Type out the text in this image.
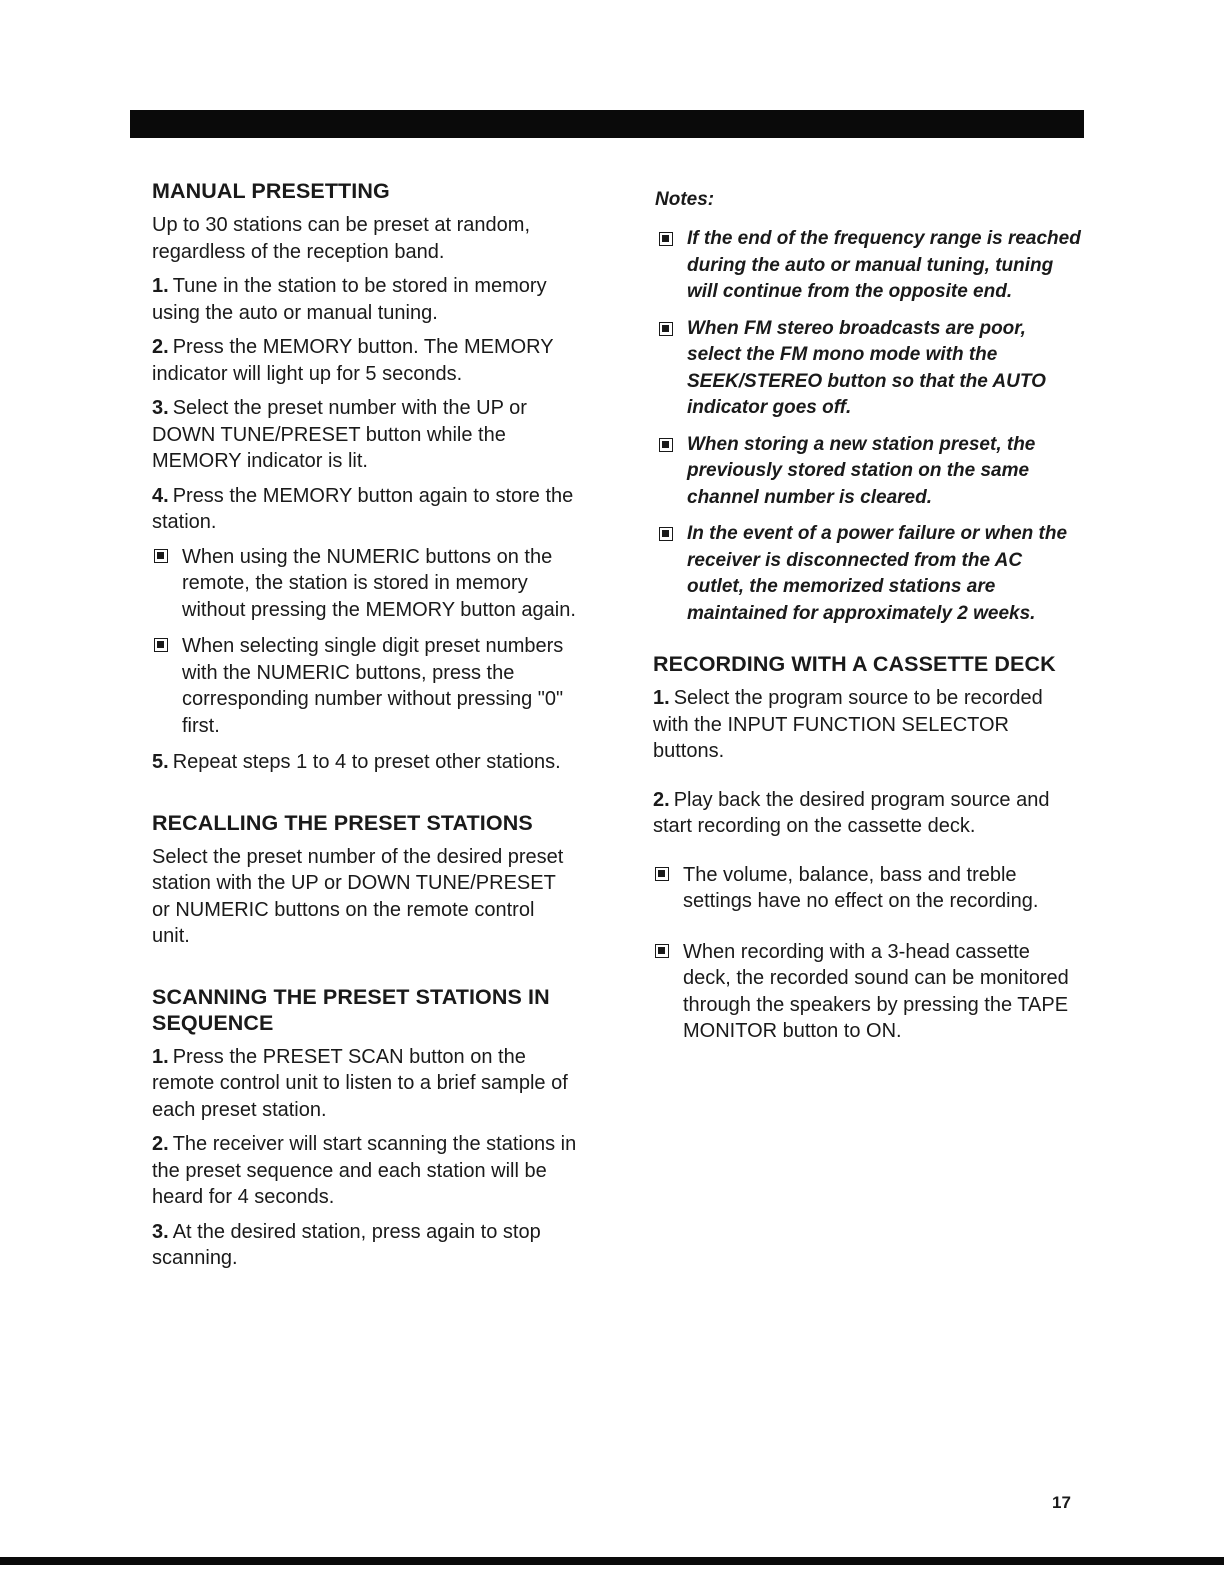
MANUAL PRESETTING

Up to 30 stations can be preset at random, regardless of the reception band.

1. Tune in the station to be stored in memory using the auto or manual tuning.

2. Press the MEMORY button. The MEMORY indicator will light up for 5 seconds.

3. Select the preset number with the UP or DOWN TUNE/PRESET button while the MEMORY indicator is lit.

4. Press the MEMORY button again to store the station.

When using the NUMERIC buttons on the remote, the station is stored in memory without pressing the MEMORY button again.
When selecting single digit preset numbers with the NUMERIC buttons, press the corresponding number without pressing "0" first.

5. Repeat steps 1 to 4 to preset other stations.

RECALLING THE PRESET STATIONS

Select the preset number of the desired preset station with the UP or DOWN TUNE/PRESET or NUMERIC buttons on the remote control unit.

SCANNING THE PRESET STATIONS IN SEQUENCE

1. Press the PRESET SCAN button on the remote control unit to listen to a brief sample of each preset station.

2. The receiver will start scanning the stations in the preset sequence and each station will be heard for 4 seconds.

3. At the desired station, press again to stop scanning.

Notes:
If the end of the frequency range is reached during the auto or manual tuning, tuning will continue from the opposite end.
When FM stereo broadcasts are poor, select the FM mono mode with the SEEK/STEREO button so that the AUTO indicator goes off.
When storing a new station preset, the previously stored station on the same channel number is cleared.
In the event of a power failure or when the receiver is disconnected from the AC outlet, the memorized stations are maintained for approximately 2 weeks.
RECORDING WITH A CASSETTE DECK

1. Select the program source to be recorded with the INPUT FUNCTION SELECTOR buttons.

2. Play back the desired program source and start recording on the cassette deck.

The volume, balance, bass and treble settings have no effect on the recording.
When recording with a 3-head cassette deck, the recorded sound can be monitored through the speakers by pressing the TAPE MONITOR button to ON.
17
